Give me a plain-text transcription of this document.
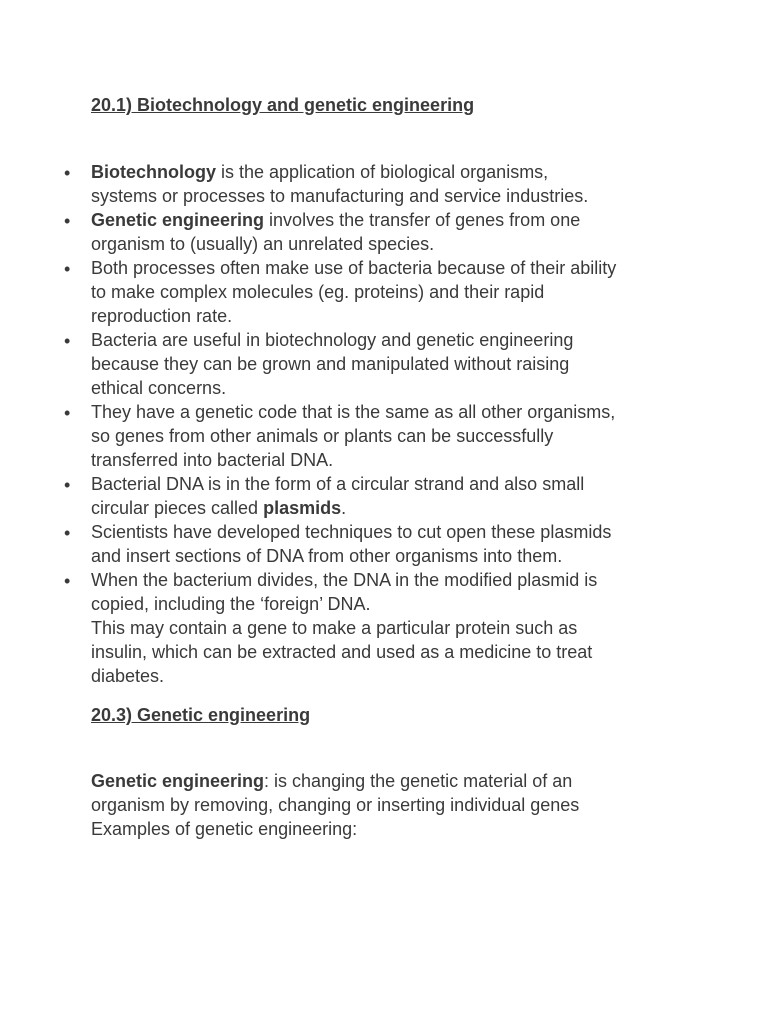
20.1) Biotechnology and genetic engineering
• Biotechnology is the application of biological organisms,
systems or processes to manufacturing and service industries.
• Genetic engineering involves the transfer of genes from one
organism to (usually) an unrelated species.
• Both processes often make use of bacteria because of their ability
to make complex molecules (eg. proteins) and their rapid
reproduction rate.
• Bacteria are useful in biotechnology and genetic engineering
because they can be grown and manipulated without raising
ethical concerns.
• They have a genetic code that is the same as all other organisms,
so genes from other animals or plants can be successfully
transferred into bacterial DNA.
• Bacterial DNA is in the form of a circular strand and also small
circular pieces called plasmids.
• Scientists have developed techniques to cut open these plasmids
and insert sections of DNA from other organisms into them.
• When the bacterium divides, the DNA in the modified plasmid is
copied, including the ‘foreign’ DNA.
This may contain a gene to make a particular protein such as
insulin, which can be extracted and used as a medicine to treat
diabetes.
20.3) Genetic engineering
Genetic engineering: is changing the genetic material of an
organism by removing, changing or inserting individual genes
Examples of genetic engineering:
